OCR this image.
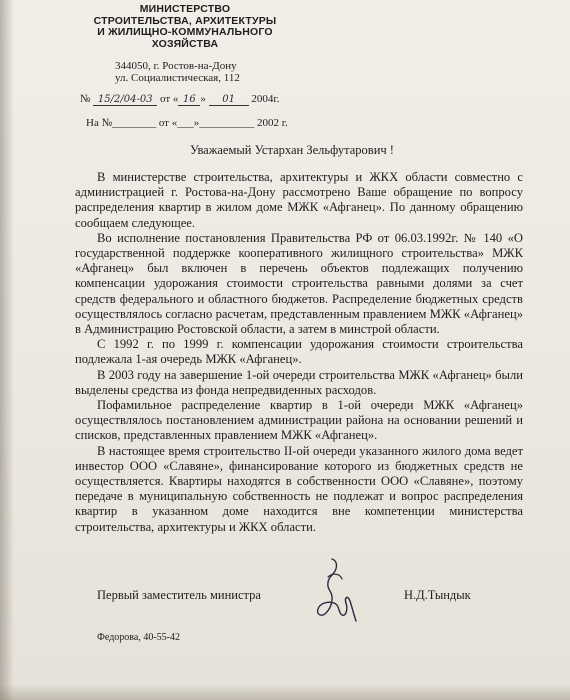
МИНИСТЕРСТВО
СТРОИТЕЛЬСТВА, АРХИТЕКТУРЫ
И ЖИЛИЩНО-КОММУНАЛЬНОГО
ХОЗЯЙСТВА
344050, г. Ростов-на-Дону
ул. Социалистическая, 112
№ 15/2/04-03 от « 16 » 01 2004г.
На №________ от «___»__________ 2002 г.
Уважаемый Устархан Зельфутарович !

В министерстве строительства, архитектуры и ЖКХ области совместно с администрацией г. Ростова-на-Дону рассмотрено Ваше обращение по вопросу распределения квартир в жилом доме МЖК «Афганец». По данному обращению сообщаем следующее.

Во исполнение постановления Правительства РФ от 06.03.1992г. № 140 «О государственной поддержке кооперативного жилищного строительства» МЖК «Афганец» был включен в перечень объектов подлежащих получению компенсации удорожания стоимости строительства равными долями за счет средств федерального и областного бюджетов. Распределение бюджетных средств осуществлялось согласно расчетам, представленным правлением МЖК «Афганец» в Администрацию Ростовской области, а затем в минстрой области.

С 1992 г. по 1999 г. компенсации удорожания стоимости строительства подлежала 1-ая очередь МЖК «Афганец».

В 2003 году на завершение 1-ой очереди строительства МЖК «Афганец» были выделены средства из фонда непредвиденных расходов.

Пофамильное распределение квартир в 1-ой очереди МЖК «Афганец» осуществлялось постановлением администрации района на основании решений и списков, представленных правлением МЖК «Афганец».

В настоящее время строительство II-ой очереди указанного жилого дома ведет инвестор ООО «Славяне», финансирование которого из бюджетных средств не осуществляется. Квартиры находятся в собственности ООО «Славяне», поэтому передаче в муниципальную собственность не подлежат и вопрос распределения квартир в указанном доме находится вне компетенции министерства строительства, архитектуры и ЖКХ области.

Первый заместитель министра	Н.Д.Тындык
Федорова, 40-55-42
